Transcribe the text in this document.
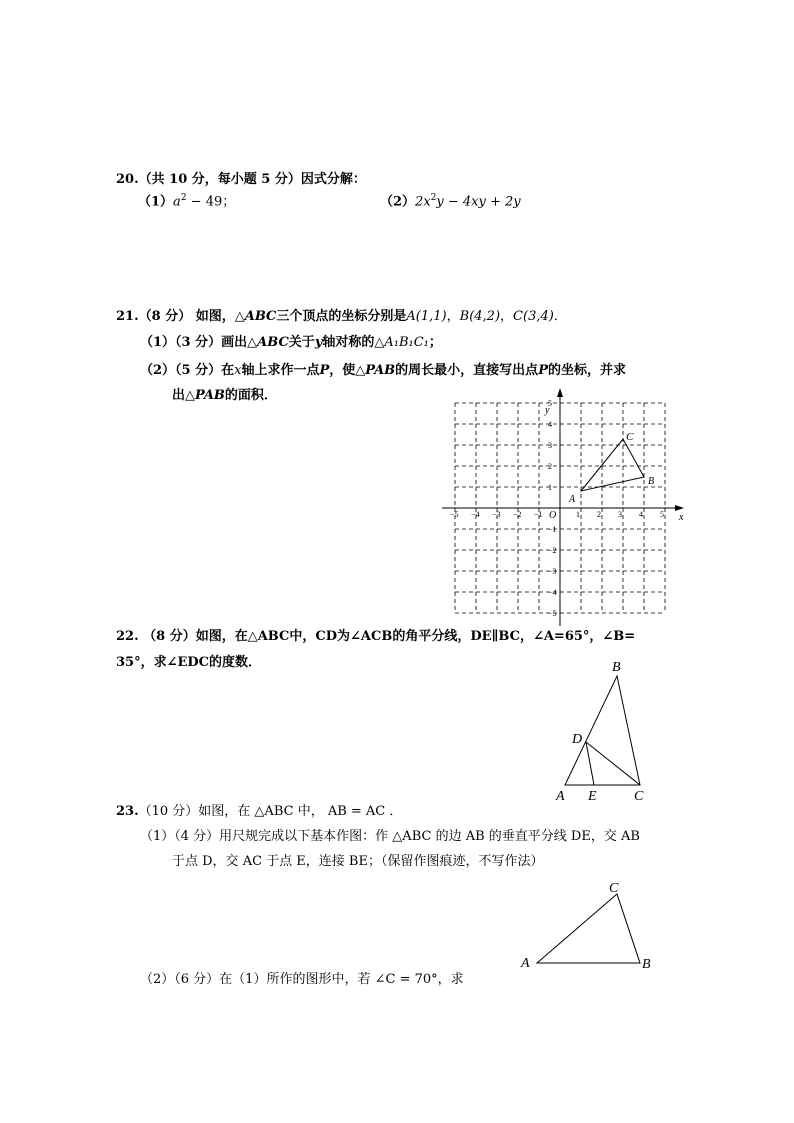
20.（共 10 分，每小题 5 分）因式分解：
$(1)a^2 - 49$；	$(2)2x^2y - 4xy + 2y$
21.（8 分） 如图，△ABC三个顶点的坐标分别是A(1,1)，B(4,2)，C(3,4)．
（1）（3 分）画出△ABC关于y轴对称的△A₁B₁C₁；
（2）（5 分）在x轴上求作一点P，使△PAB的周长最小，直接写出点P的坐标，并求
出△PAB的面积．
−5 −4 −3 −2 −1	1 2 3 4 5
5
4
3
2
1
−1
−2
−3
−4
−5
A
B
C
x
y
O
22. （8 分）如图，在△ABC中，CD为∠ACB的角平分线，DE∥BC，∠A=65°，∠B=
35°，求∠EDC的度数．	B
D
A E	C
23.（10 分）如图，在 △ABC 中， AB = AC ．
（1）（4 分）用尺规完成以下基本作图：作 △ABC 的边 AB 的垂直平分线 DE，交 AB
于点 D，交 AC 于点 E，连接 BE；（保留作图痕迹，不写作法）
C
A	B
（2）（6 分）在（1）所作的图形中，若 ∠C = 70°，求
